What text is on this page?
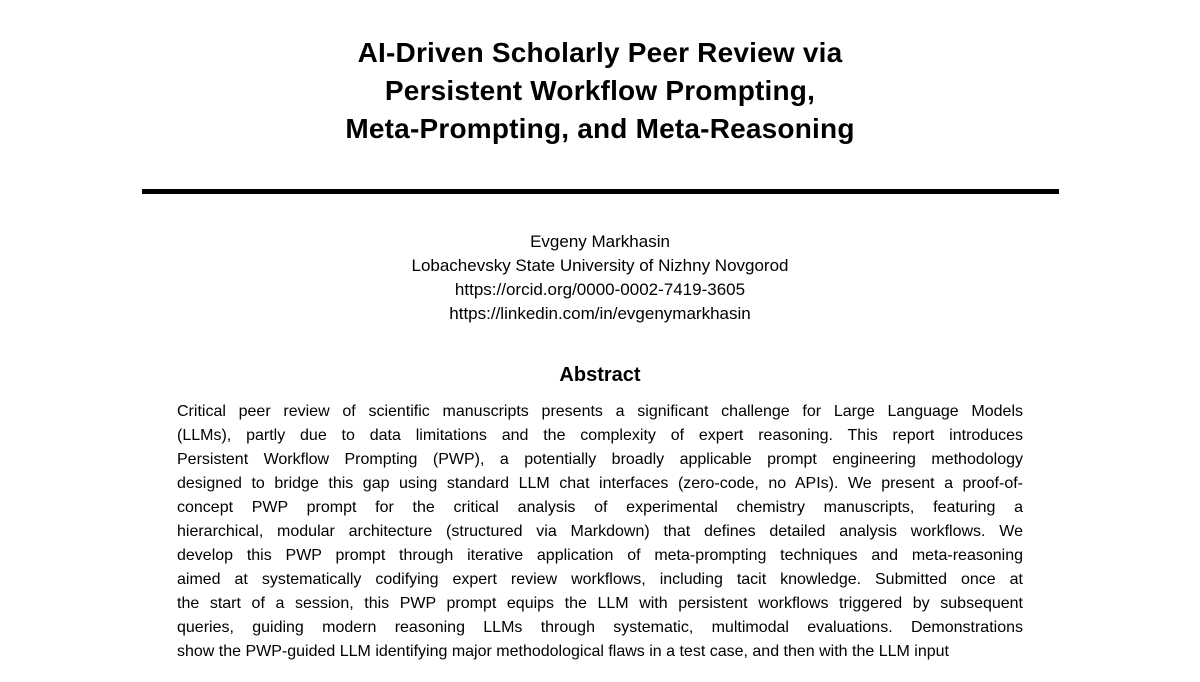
AI-Driven Scholarly Peer Review via
Persistent Workflow Prompting,
Meta-Prompting, and Meta-Reasoning
Evgeny Markhasin
Lobachevsky State University of Nizhny Novgorod
https://orcid.org/0000-0002-7419-3605
https://linkedin.com/in/evgenymarkhasin
Abstract
Critical peer review of scientific manuscripts presents a significant challenge for Large Language Models
(LLMs), partly due to data limitations and the complexity of expert reasoning. This report introduces
Persistent Workflow Prompting (PWP), a potentially broadly applicable prompt engineering methodology
designed to bridge this gap using standard LLM chat interfaces (zero-code, no APIs). We present a proof-of-
concept PWP prompt for the critical analysis of experimental chemistry manuscripts, featuring a
hierarchical, modular architecture (structured via Markdown) that defines detailed analysis workflows. We
develop this PWP prompt through iterative application of meta-prompting techniques and meta-reasoning
aimed at systematically codifying expert review workflows, including tacit knowledge. Submitted once at
the start of a session, this PWP prompt equips the LLM with persistent workflows triggered by subsequent
queries, guiding modern reasoning LLMs through systematic, multimodal evaluations. Demonstrations
show the PWP-guided LLM identifying major methodological flaws in a test case, and then with the LLM input
